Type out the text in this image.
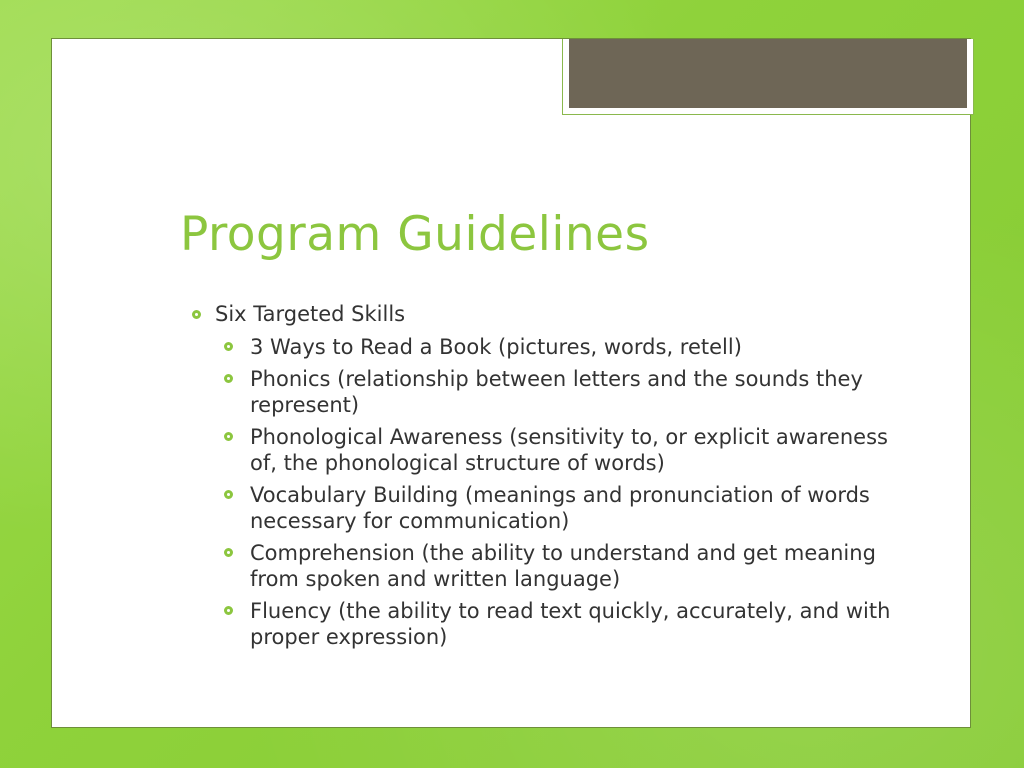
Program Guidelines
Six Targeted Skills
3 Ways to Read a Book (pictures, words, retell)
Phonics (relationship between letters and the sounds they represent)
Phonological Awareness (sensitivity to, or explicit awareness of, the phonological structure of words)
Vocabulary Building (meanings and pronunciation of words necessary for communication)
Comprehension (the ability to understand and get meaning from spoken and written language)
Fluency (the ability to read text quickly, accurately, and with proper expression)
